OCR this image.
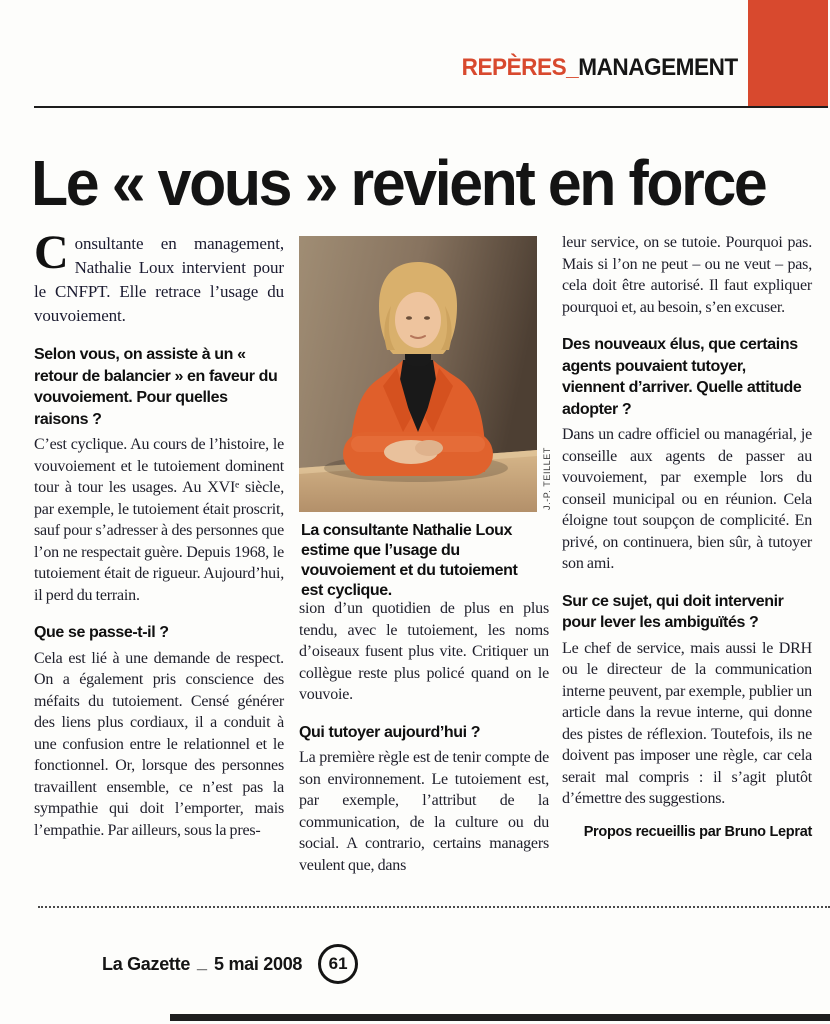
REPÈRES_MANAGEMENT
Le « vous » revient en force

Consultante en management, Nathalie Loux intervient pour le CNFPT. Elle retrace l’usage du vouvoiement.

Selon vous, on assiste à un « retour de balancier » en faveur du vouvoiement. Pour quelles raisons ?

C’est cyclique. Au cours de l’histoire, le vouvoiement et le tutoiement dominent tour à tour les usages. Au XVIᵉ siècle, par exemple, le tutoiement était proscrit, sauf pour s’adresser à des personnes que l’on ne respectait guère. Depuis 1968, le tutoiement était de rigueur. Aujourd’hui, il perd du terrain.

Que se passe-t-il ?

Cela est lié à une demande de respect. On a également pris conscience des méfaits du tutoiement. Censé générer des liens plus cordiaux, il a conduit à une confusion entre le relationnel et le fonctionnel. Or, lorsque des personnes travaillent ensemble, ce n’est pas la sympathie qui doit l’emporter, mais l’empathie. Par ailleurs, sous la pres-

J.-P. TEILLET
La consultante Nathalie Loux estime que l’usage du vouvoiement et du tutoiement est cyclique.

sion d’un quotidien de plus en plus tendu, avec le tutoiement, les noms d’oiseaux fusent plus vite. Critiquer un collègue reste plus policé quand on le vouvoie.

Qui tutoyer aujourd’hui ?

La première règle est de tenir compte de son environnement. Le tutoiement est, par exemple, l’attribut de la communication, de la culture ou du social. A contrario, certains managers veulent que, dans

leur service, on se tutoie. Pourquoi pas. Mais si l’on ne peut – ou ne veut – pas, cela doit être autorisé. Il faut expliquer pourquoi et, au besoin, s’en excuser.

Des nouveaux élus, que certains agents pouvaient tutoyer, viennent d’arriver. Quelle attitude adopter ?

Dans un cadre officiel ou managérial, je conseille aux agents de passer au vouvoiement, par exemple lors du conseil municipal ou en réunion. Cela éloigne tout soupçon de complicité. En privé, on continuera, bien sûr, à tutoyer son ami.

Sur ce sujet, qui doit intervenir pour lever les ambiguïtés ?

Le chef de service, mais aussi le DRH ou le directeur de la communication interne peuvent, par exemple, publier un article dans la revue interne, qui donne des pistes de réflexion. Toutefois, ils ne doivent pas imposer une règle, car cela serait mal compris : il s’agit plutôt d’émettre des suggestions.

Propos recueillis par Bruno Leprat

La Gazette _ 5 mai 2008	61
